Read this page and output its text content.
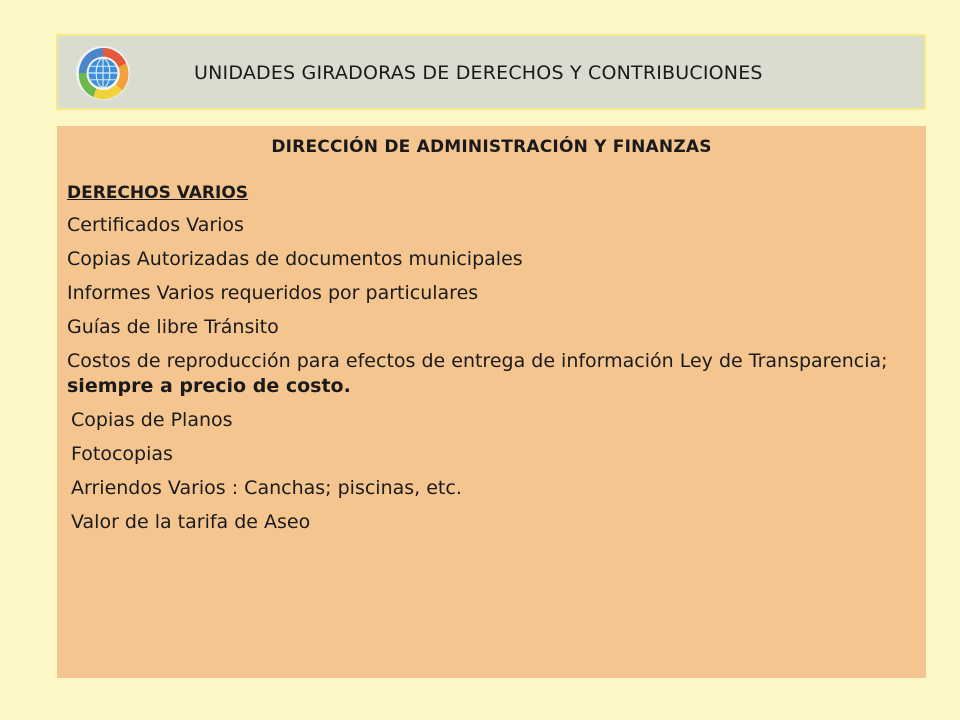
UNIDADES GIRADORAS DE DERECHOS Y CONTRIBUCIONES
DIRECCIÓN DE ADMINISTRACIÓN Y FINANZAS
DERECHOS VARIOS
Certificados Varios
Copias Autorizadas de documentos municipales
Informes Varios requeridos por particulares
Guías de libre Tránsito
Costos de reproducción para efectos de entrega de información Ley de Transparencia; siempre a precio de costo.
Copias de Planos
Fotocopias
Arriendos Varios : Canchas; piscinas, etc.
Valor de la tarifa de Aseo
